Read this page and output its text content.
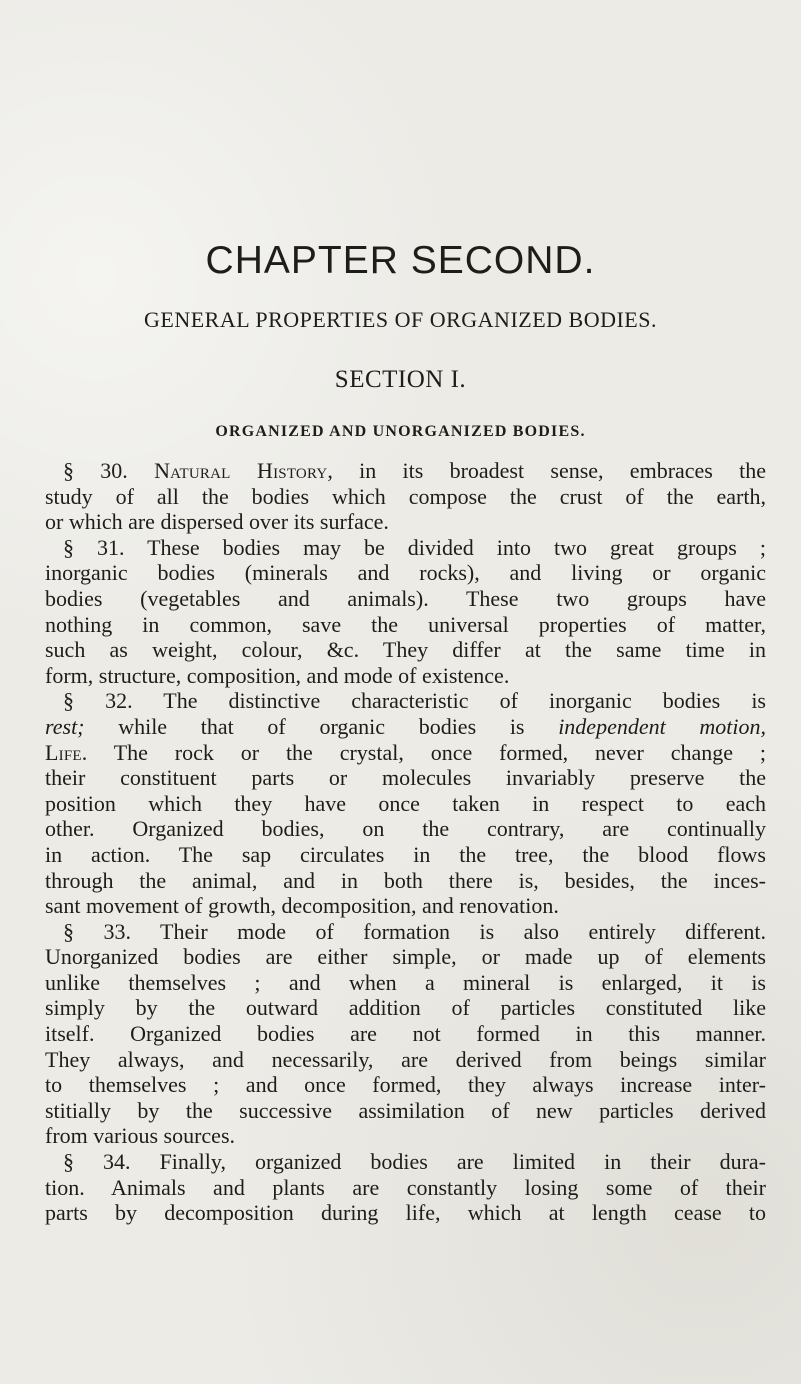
CHAPTER SECOND.
GENERAL PROPERTIES OF ORGANIZED BODIES.
SECTION I.
ORGANIZED AND UNORGANIZED BODIES.
§ 30. Natural History, in its broadest sense, embraces the
study of all the bodies which compose the crust of the earth,
or which are dispersed over its surface.
§ 31. These bodies may be divided into two great groups ;
inorganic bodies (minerals and rocks), and living or organic
bodies (vegetables and animals). These two groups have
nothing in common, save the universal properties of matter,
such as weight, colour, &c. They differ at the same time in
form, structure, composition, and mode of existence.
§ 32. The distinctive characteristic of inorganic bodies is
rest; while that of organic bodies is independent motion,
Life. The rock or the crystal, once formed, never change ;
their constituent parts or molecules invariably preserve the
position which they have once taken in respect to each
other. Organized bodies, on the contrary, are continually
in action. The sap circulates in the tree, the blood flows
through the animal, and in both there is, besides, the inces-
sant movement of growth, decomposition, and renovation.
§ 33. Their mode of formation is also entirely different.
Unorganized bodies are either simple, or made up of elements
unlike themselves ; and when a mineral is enlarged, it is
simply by the outward addition of particles constituted like
itself. Organized bodies are not formed in this manner.
They always, and necessarily, are derived from beings similar
to themselves ; and once formed, they always increase inter-
stitially by the successive assimilation of new particles derived
from various sources.
§ 34. Finally, organized bodies are limited in their dura-
tion. Animals and plants are constantly losing some of their
parts by decomposition during life, which at length cease to
